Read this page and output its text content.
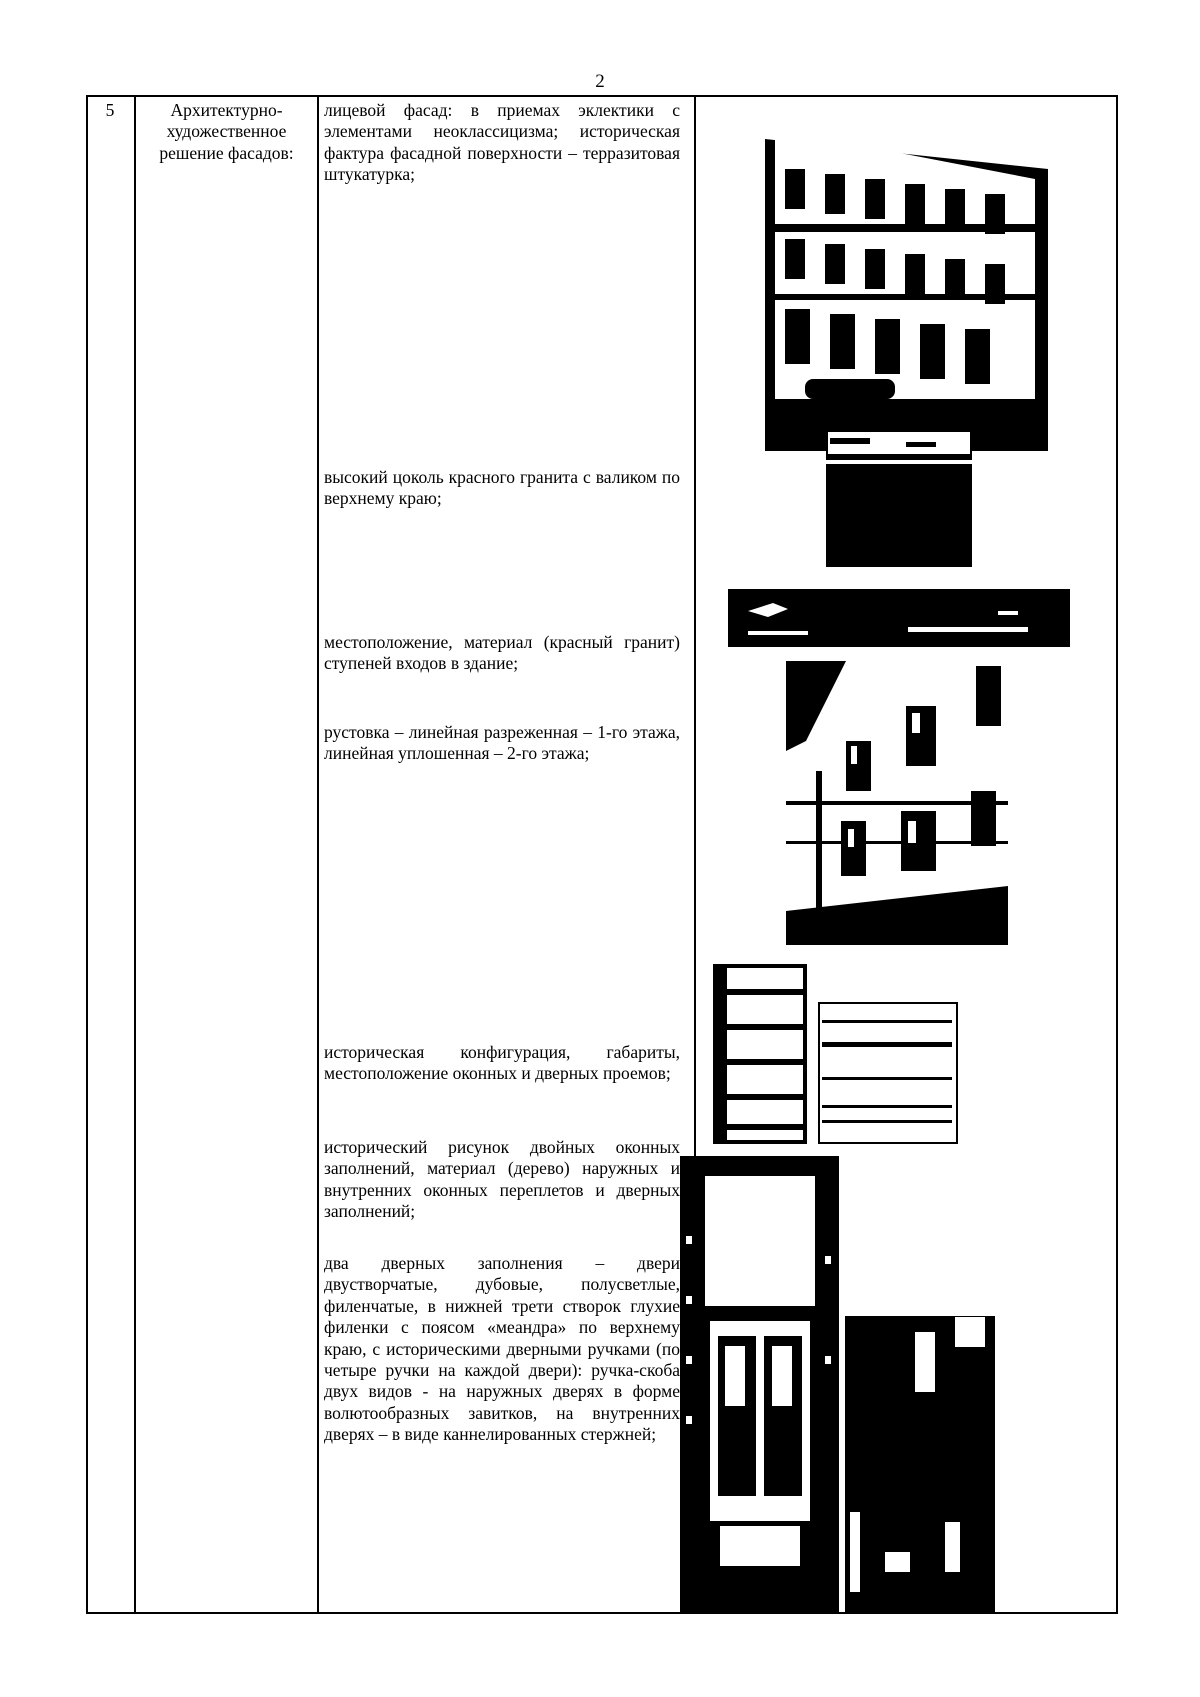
2
5	Архитектурно-художественное решение фасадов:
лицевой фасад: в приемах эклектики с элементами неоклассицизма; историческая фактура фасадной поверхности – терразитовая штукатурка;
высокий цоколь красного гранита с валиком по верхнему краю;
местоположение, материал (красный гранит) ступеней входов в здание;
рустовка – линейная разреженная – 1-го этажа, линейная уплошенная – 2-го этажа;
историческая конфигурация, габариты, местоположение оконных и дверных проемов;
исторический рисунок двойных оконных заполнений, материал (дерево) наружных и внутренних оконных переплетов и дверных заполнений;
два дверных заполнения – двери двустворчатые, дубовые, полусветлые, филенчатые, в нижней трети створок глухие филенки с поясом «меандра» по верхнему краю, с историческими дверными ручками (по четыре ручки на каждой двери): ручка-скоба двух видов - на наружных дверях в форме волютообразных завитков, на внутренних дверях – в виде каннелированных стержней;
